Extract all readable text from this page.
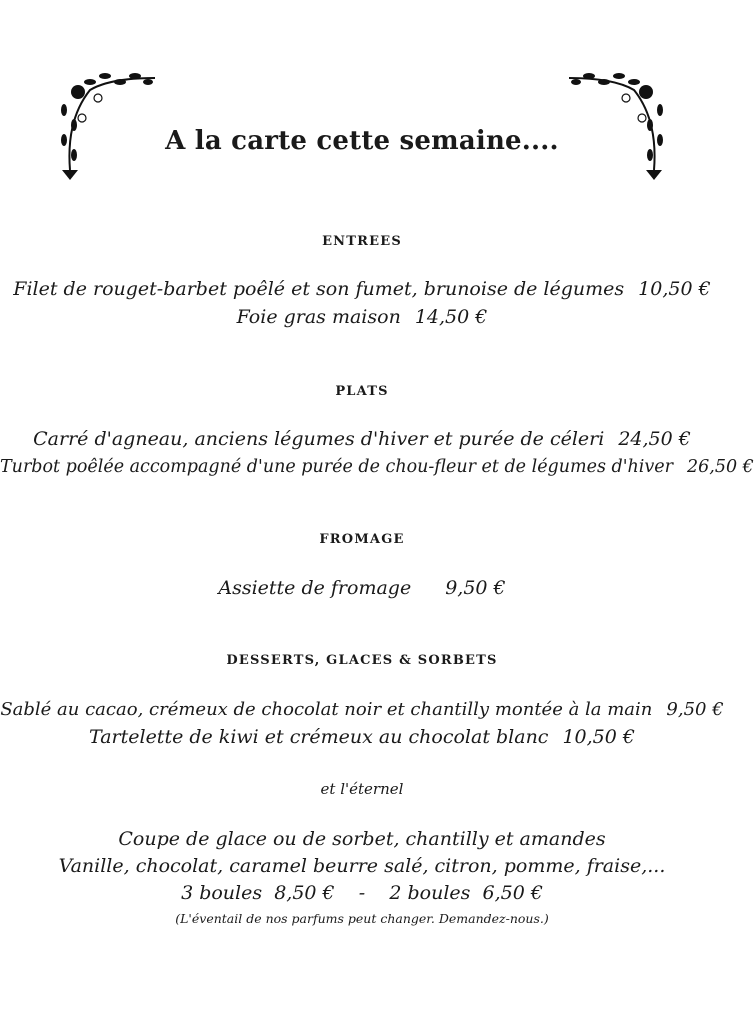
A la carte cette semaine....
ENTREES
Filet de rouget-barbet poêlé et son fumet, brunoise de légumes 10,50 €
Foie gras maison 14,50 €
PLATS
Carré d'agneau, anciens légumes d'hiver et purée de céleri 24,50 €
Turbot poêlée accompagné d'une purée de chou-fleur et de légumes d'hiver 26,50 €
FROMAGE
Assiette de fromage 9,50 €
DESSERTS, GLACES & SORBETS
Sablé au cacao, crémeux de chocolat noir et chantilly montée à la main 9,50 €
Tartelette de kiwi et crémeux au chocolat blanc 10,50 €
et l'éternel
Coupe de glace ou de sorbet, chantilly et amandes
Vanille, chocolat, caramel beurre salé, citron, pomme, fraise,...
3 boules  8,50 €    -    2 boules  6,50 €
(L'éventail de nos parfums peut changer. Demandez-nous.)
